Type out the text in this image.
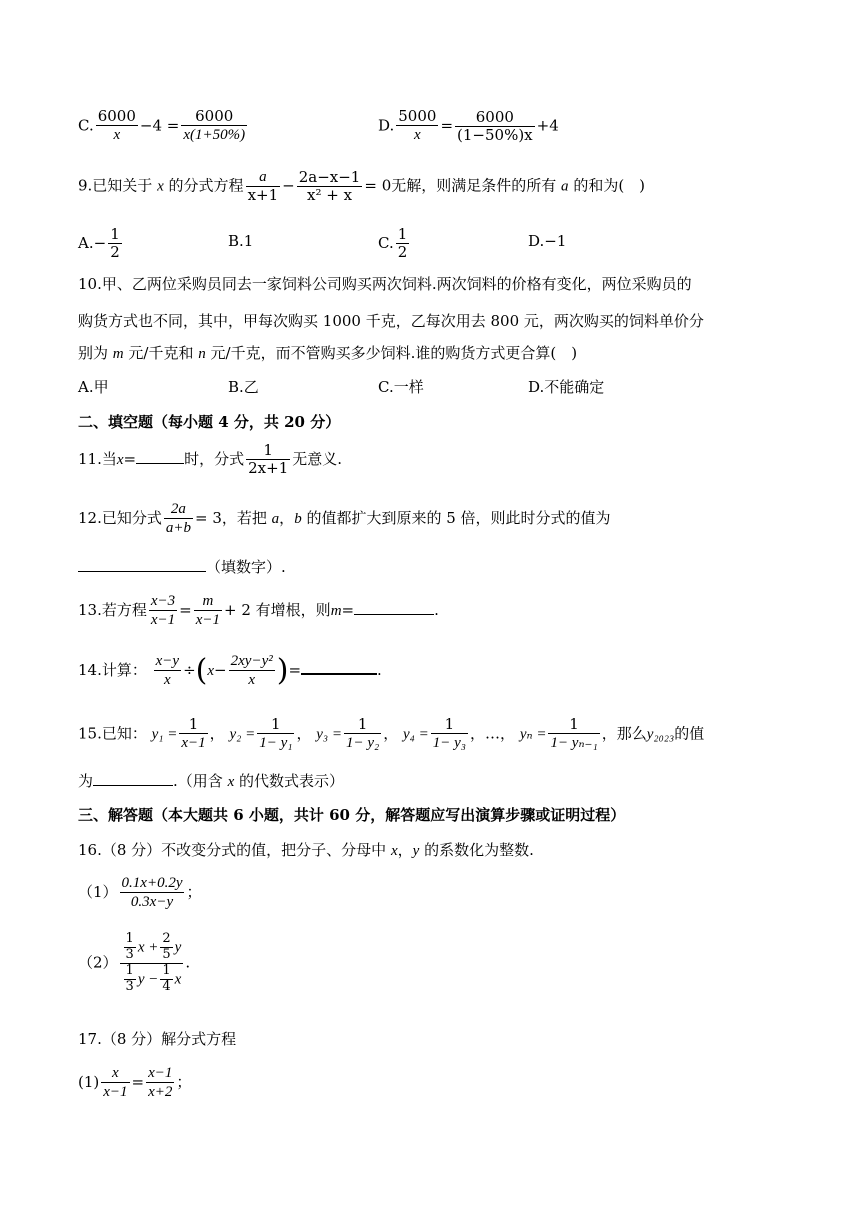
C. $\frac{6000}{x} -4 = \frac{6000}{x(1+50\%)}$	D. $\frac{5000}{x} = \frac{6000}{(1-50\%)x} +4$
9.已知关于 x 的分式方程 $\frac{a}{x+1} - \frac{2a-x-1}{\text{x² + x}} = 0$无解，则满足条件的所有 a 的和为(　)
$A.- \frac{1}{2}$	B.1	C. $\frac{1}{2}$	D.−1
10.甲、乙两位采购员同去一家饲料公司购买两次饲料.两次饲料的价格有变化，两位采购员的
购货方式也不同，其中，甲每次购买 1000 千克，乙每次用去 800 元，两次购买的饲料单价分
别为 m 元/千克和 n 元/千克，而不管购买多少饲料.谁的购货方式更合算(　)
A.甲	B.乙	C.一样	D.不能确定
二、填空题（每小题 4 分，共 20 分）
11.当x=	时，分式 $\frac{1}{2x+1}$ 无意义.
12.已知分式 $\frac{2a}{a+b} = 3$，若把 a，b 的值都扩大到原来的 5 倍，则此时分式的值为
（填数字）.
13.若方程 $\frac{x-3}{x-1} = \frac{m}{x-1} + 2$ 有增根，则m=	.
14.计算： $\frac{x-y}{x} \div(x- \frac{\text{2xy−y²}}{x}$ )=	.
15.已知： $y_1 = \frac{1}{x-1}$ ， $y_2 = \frac{1}{\text{1− y₁}}$ ， $y_3 = \frac{1}{\text{1− y₂}}$ ， $y_4 = \frac{1}{\text{1− y₃}}$ ，…， $y_n = \frac{1}{\text{1− yₙ₋₁}}$ ，那么y₂₀₂₃的值
为	.（用含 x 的代数式表示）
三、解答题（本大题共 6 小题，共计 60 分，解答题应写出演算步骤或证明过程）
16.（8 分）不改变分式的值，把分子、分母中 x，y 的系数化为整数.
$(1) \frac{0.1x+0.2y}{0.3x-y}$ ；
$(2) \frac{\frac{1}{3} x + \frac{2}{5} y}{\frac{1}{3} y - \frac{1}{4} x}$ .
17.（8 分）解分式方程
$(1) \frac{x}{x-1} = \frac{x-1}{x+2}$ ；
